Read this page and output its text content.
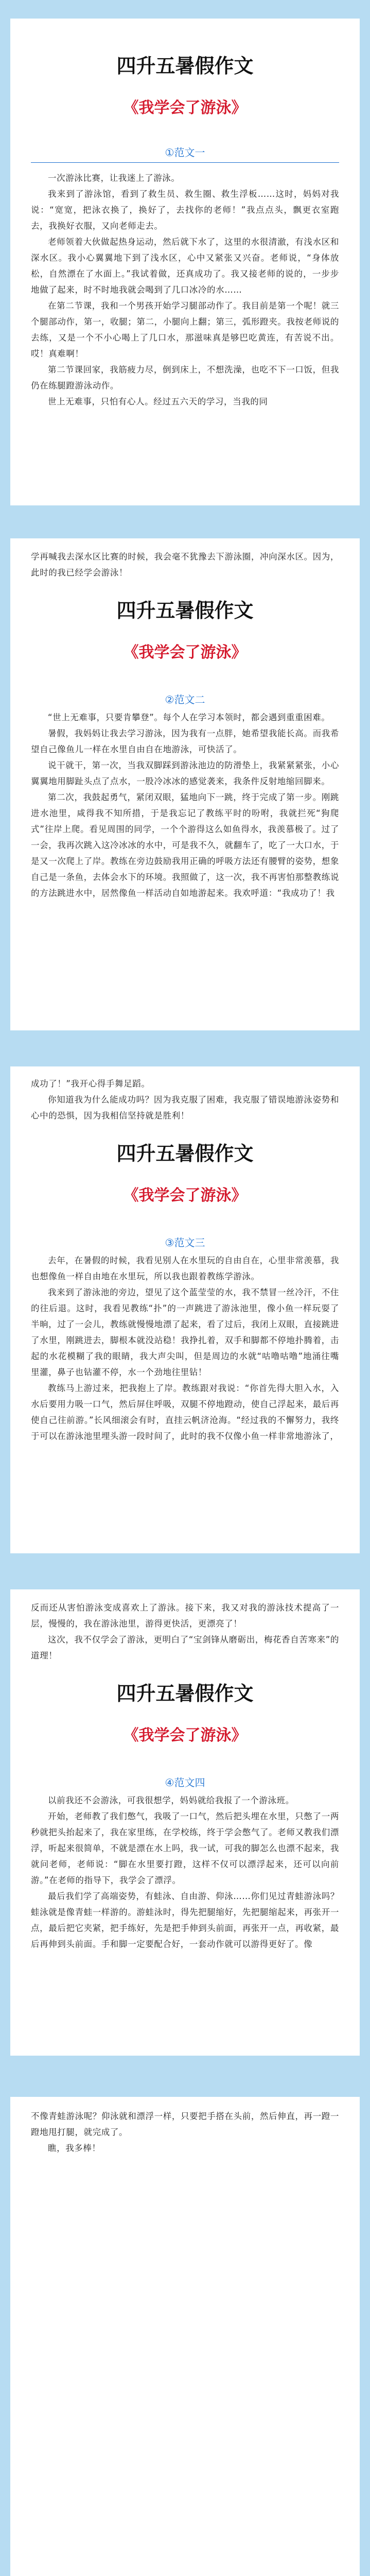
四升五暑假作文
《我学会了游泳》
①范文一

一次游泳比赛，让我迷上了游泳。

我来到了游泳馆，看到了救生员、救生圈、救生浮板……这时，妈妈对我说：“宽宽，把泳衣换了，换好了，去找你的老师！”我点点头，飘更衣室跑去，我换好衣服，又向老师走去。

老师领着大伙做起热身运动，然后就下水了，这里的水很清澈，有浅水区和深水区。我小心翼翼地下到了浅水区，心中又紧张又兴奋。老师说，“身体放松，自然漂在了水面上。”我试着做，还真成功了。我又接老师的说的，一步步地做了起来，时不时地我就会喝到了几口冰冷的水……

在第二节课，我和一个男孩开始学习腿部动作了。我目前是第一个呢！就三个腿部动作，第一，收腿；第二，小腿向上翻；第三，弧形蹬夹。我按老师说的去练，又是一个不小心喝上了几口水，那滋味真是够巴吃黄连，有苦说不出。哎！真难啊！

第二节课回家，我筋疲力尽，倒到床上，不想洗澡，也吃不下一口饭，但我仍在练腿蹬游泳动作。

世上无难事，只怕有心人。经过五六天的学习，当我的同

学再喊我去深水区比赛的时候，我会毫不犹豫去下游泳圈，冲向深水区。因为，此时的我已经学会游泳！

四升五暑假作文
《我学会了游泳》
②范文二

“世上无难事，只要肯攀登”。每个人在学习本领时，都会遇到重重困难。

暑假，我妈妈让我去学习游泳，因为我有一点胖，她希望我能长高。而我希望自己像鱼儿一样在水里自由自在地游泳，可快活了。

说干就干，第一次，当我双脚踩到游泳池边的防滑垫上，我紧紧紧张，小心翼翼地用脚趾头点了点水，一股冷冰冰的感觉袭来，我条件反射地缩回脚来。

第二次，我鼓起勇气，紧闭双眼，猛地向下一跳，终于完成了第一步。刚跳进水池里，咸得我不知所措，于是我忘记了教练平时的吩咐，我就拦死“狗爬式”往岸上爬。看见周围的同学，一个个游得这么如鱼得水，我羡慕极了。过了一会，我再次跳入这冷冰冰的水中，可是我不久，就翻车了，吃了一大口水，于是又一次爬上了岸。教练在旁边鼓励我用正确的呼吸方法还有腰臂的姿势，想象自己是一条鱼，去体会水下的环境。我照做了，这一次，我不再害怕那整教练说的方法跳进水中，居然像鱼一样活动自如地游起来。我欢呼道：“我成功了！我

成功了！”我开心得手舞足蹈。

你知道我为什么能成功吗？因为我克服了困难，我克服了错误地游泳姿势和心中的恐惧，因为我相信坚持就是胜利！

四升五暑假作文
《我学会了游泳》
③范文三

去年，在暑假的时候，我看见别人在水里玩的自由自在，心里非常羡慕，我也想像鱼一样自由地在水里玩，所以我也跟着教练学游泳。

我来到了游泳池的旁边，望见了这个蓝莹莹的水，我不禁冒一丝冷汗，不住的往后退。这时，我看见教练“扑”的一声跳进了游泳池里，像小鱼一样玩耍了半晌，过了一会儿，教练就慢慢地漂了起来，看了过后，我闭上双眼，直接跳进了水里，刚跳进去，脚根本就没站稳！我挣扎着，双手和脚都不停地扑腾着，击起的水花模糊了我的眼睛，我大声尖叫，但是周边的水就“咕噜咕噜”地涌往嘴里灌，鼻子也钻灌不停，水一个劲地往里钻！

教练马上游过来，把我抱上了岸。教练跟对我说：“你首先得大胆入水，入水后要用力吸一口气，然后屏住呼吸，双腿不停地蹬动，使自己浮起来，最后再使自己往前游。”长风细滚会有时，直挂云帆济沧海。“经过我的不懈努力，我终于可以在游泳池里埋头游一段时间了，此时的我不仅像小鱼一样非常地游泳了，

反而还从害怕游泳变成喜欢上了游泳。接下来，我又对我的游泳技术提高了一层，慢慢的，我在游泳池里，游得更快活，更漂亮了！

这次，我不仅学会了游泳，更明白了“宝剑锋从磨砺出，梅花香自苦寒来”的道理！

四升五暑假作文
《我学会了游泳》
④范文四

以前我还不会游泳，可我很想学，妈妈就给我报了一个游泳班。

开始，老师教了我们憋气，我吸了一口气，然后把头埋在水里，只憋了一两秒就把头抬起来了，我在家里练，在学校练，终于学会憋气了。老师又教我们漂浮，听起来很简单，不就是漂在水上吗，我一试，可我的脚怎么也漂不起来，我就问老师，老师说：“脚在水里要打蹬，这样不仅可以漂浮起来，还可以向前游。”在老师的指导下，我学会了漂浮。

最后我们学了高端姿势，有蛙泳、自由游、仰泳……你们见过青蛙游泳吗？蛙泳就是像青蛙一样游的。游蛙泳时，得先把腿缩好，先把腿缩起来，再张开一点，最后把它夹紧，把手练好，先是把手伸到头前面，再张开一点，再收紧，最后再伸到头前面。手和脚一定要配合好，一套动作就可以游得更好了。像

不像青蛙游泳呢？仰泳就和漂浮一样，只要把手搭在头前，然后伸直，再一蹬一蹬地甩打腿，就完成了。

瞧，我多棒！
